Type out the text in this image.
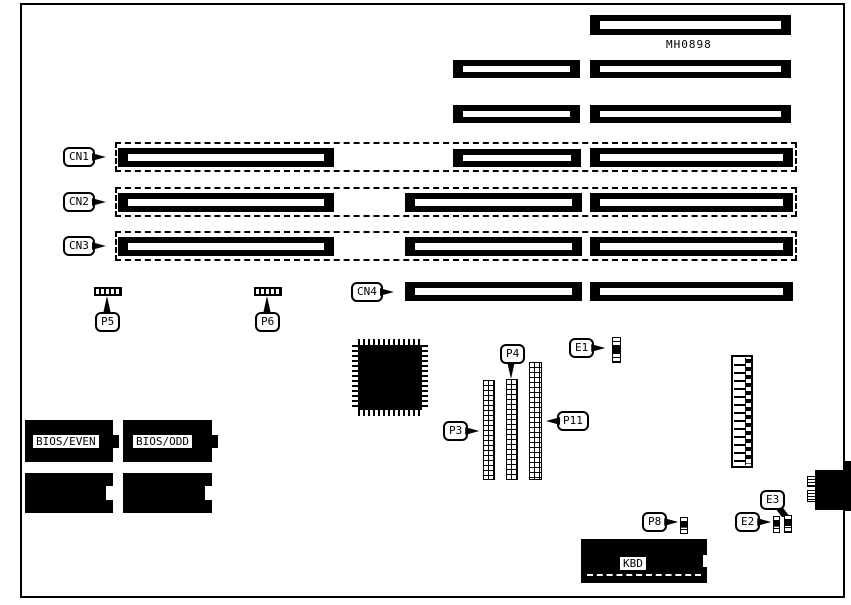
MH0898
CN1
CN2
CN3
CN4
P5	P6
BIOS/EVEN	BIOS/ODD
P4
P3
P11
E1
E3
E2
P8
KBD
